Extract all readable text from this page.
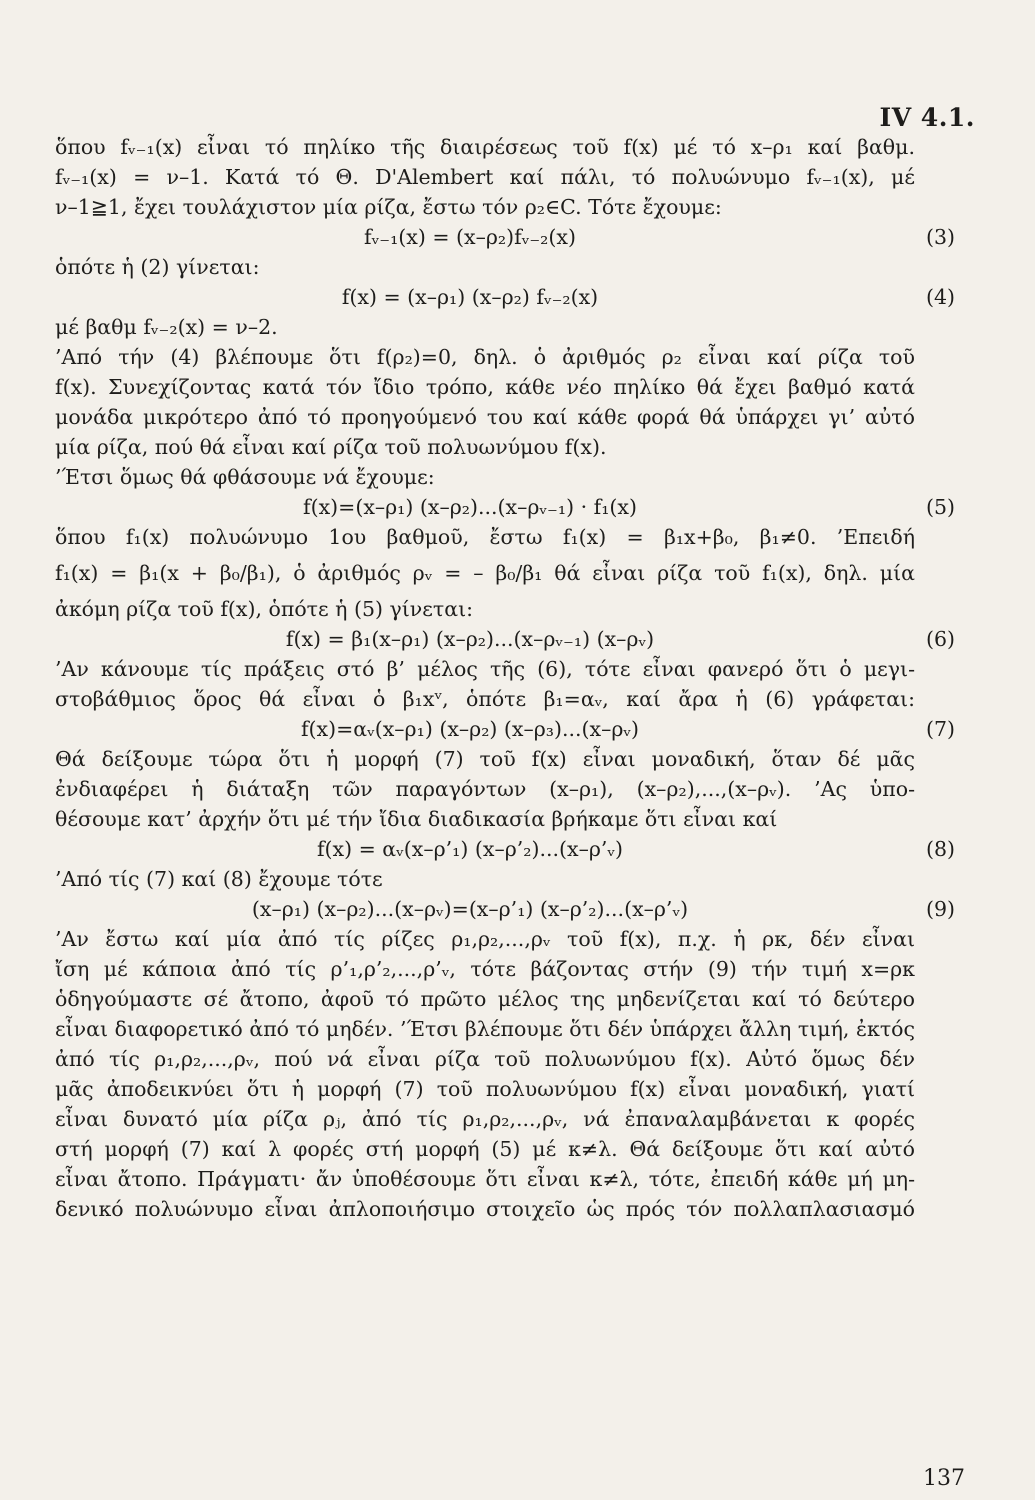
IV 4.1.
ὅπου fᵥ₋₁(x) εἶναι τό πηλίκο τῆς διαιρέσεως τοῦ f(x) μέ τό x–ρ₁ καί βαθμ.
fᵥ₋₁(x) = ν–1. Κατά τό Θ. D'Alembert καί πάλι, τό πολυώνυμο fᵥ₋₁(x), μέ
ν–1≧1, ἔχει τουλάχιστον μία ρίζα, ἔστω τόν ρ₂∈C. Τότε ἔχουμε:
fᵥ₋₁(x) = (x–ρ₂)fᵥ₋₂(x)	(3)
ὁπότε ἡ (2) γίνεται:
f(x) = (x–ρ₁) (x–ρ₂) fᵥ₋₂(x)	(4)
μέ βαθμ fᵥ₋₂(x) = ν–2.
’Από τήν (4) βλέπουμε ὅτι f(ρ₂)=0, δηλ. ὁ ἀριθμός ρ₂ εἶναι καί ρίζα τοῦ
f(x). Συνεχίζοντας κατά τόν ἴδιο τρόπο, κάθε νέο πηλίκο θά ἔχει βαθμό κατά
μονάδα μικρότερο ἀπό τό προηγούμενό του καί κάθε φορά θά ὑπάρχει γι’ αὐτό
μία ρίζα, πού θά εἶναι καί ρίζα τοῦ πολυωνύμου f(x).
’Έτσι ὅμως θά φθάσουμε νά ἔχουμε:
f(x)=(x–ρ₁) (x–ρ₂)...(x–ρᵥ₋₁) · f₁(x)	(5)
ὅπου f₁(x) πολυώνυμο 1ου βαθμοῦ, ἔστω f₁(x) = β₁x+β₀, β₁≠0. ’Επειδή
f₁(x) = β₁(x + β₀/β₁), ὁ ἀριθμός ρᵥ = – β₀/β₁ θά εἶναι ρίζα τοῦ f₁(x), δηλ. μία
ἀκόμη ρίζα τοῦ f(x), ὁπότε ἡ (5) γίνεται:
f(x) = β₁(x–ρ₁) (x–ρ₂)...(x–ρᵥ₋₁) (x–ρᵥ)	(6)
’Αν κάνουμε τίς πράξεις στό β’ μέλος τῆς (6), τότε εἶναι φανερό ὅτι ὁ μεγι-
στοβάθμιος ὅρος θά εἶναι ὁ β₁xᵛ, ὁπότε β₁=αᵥ, καί ἄρα ἡ (6) γράφεται:
f(x)=αᵥ(x–ρ₁) (x–ρ₂) (x–ρ₃)...(x–ρᵥ)	(7)
Θά δείξουμε τώρα ὅτι ἡ μορφή (7) τοῦ f(x) εἶναι μοναδική, ὅταν δέ μᾶς
ἐνδιαφέρει ἡ διάταξη τῶν παραγόντων (x–ρ₁), (x–ρ₂),...,(x–ρᵥ). ’Ας ὑπο-
θέσουμε κατ’ ἀρχήν ὅτι μέ τήν ἴδια διαδικασία βρήκαμε ὅτι εἶναι καί
f(x) = αᵥ(x–ρ’₁) (x–ρ’₂)...(x–ρ’ᵥ)	(8)
’Από τίς (7) καί (8) ἔχουμε τότε
(x–ρ₁) (x–ρ₂)...(x–ρᵥ)=(x–ρ’₁) (x–ρ’₂)...(x–ρ’ᵥ)	(9)
’Αν ἔστω καί μία ἀπό τίς ρίζες ρ₁,ρ₂,...,ρᵥ τοῦ f(x), π.χ. ἡ ρκ, δέν εἶναι
ἴση μέ κάποια ἀπό τίς ρ’₁,ρ’₂,...,ρ’ᵥ, τότε βάζοντας στήν (9) τήν τιμή x=ρκ
ὁδηγούμαστε σέ ἄτοπο, ἀφοῦ τό πρῶτο μέλος της μηδενίζεται καί τό δεύτερο
εἶναι διαφορετικό ἀπό τό μηδέν. ’Έτσι βλέπουμε ὅτι δέν ὑπάρχει ἄλλη τιμή, ἐκτός
ἀπό τίς ρ₁,ρ₂,...,ρᵥ, πού νά εἶναι ρίζα τοῦ πολυωνύμου f(x). Αὐτό ὅμως δέν
μᾶς ἀποδεικνύει ὅτι ἡ μορφή (7) τοῦ πολυωνύμου f(x) εἶναι μοναδική, γιατί
εἶναι δυνατό μία ρίζα ρⱼ, ἀπό τίς ρ₁,ρ₂,...,ρᵥ, νά ἐπαναλαμβάνεται κ φορές
στή μορφή (7) καί λ φορές στή μορφή (5) μέ κ≠λ. Θά δείξουμε ὅτι καί αὐτό
εἶναι ἄτοπο. Πράγματι· ἄν ὑποθέσουμε ὅτι εἶναι κ≠λ, τότε, ἐπειδή κάθε μή μη-
δενικό πολυώνυμο εἶναι ἀπλοποιήσιμο στοιχεῖο ὡς πρός τόν πολλαπλασιασμό
137
